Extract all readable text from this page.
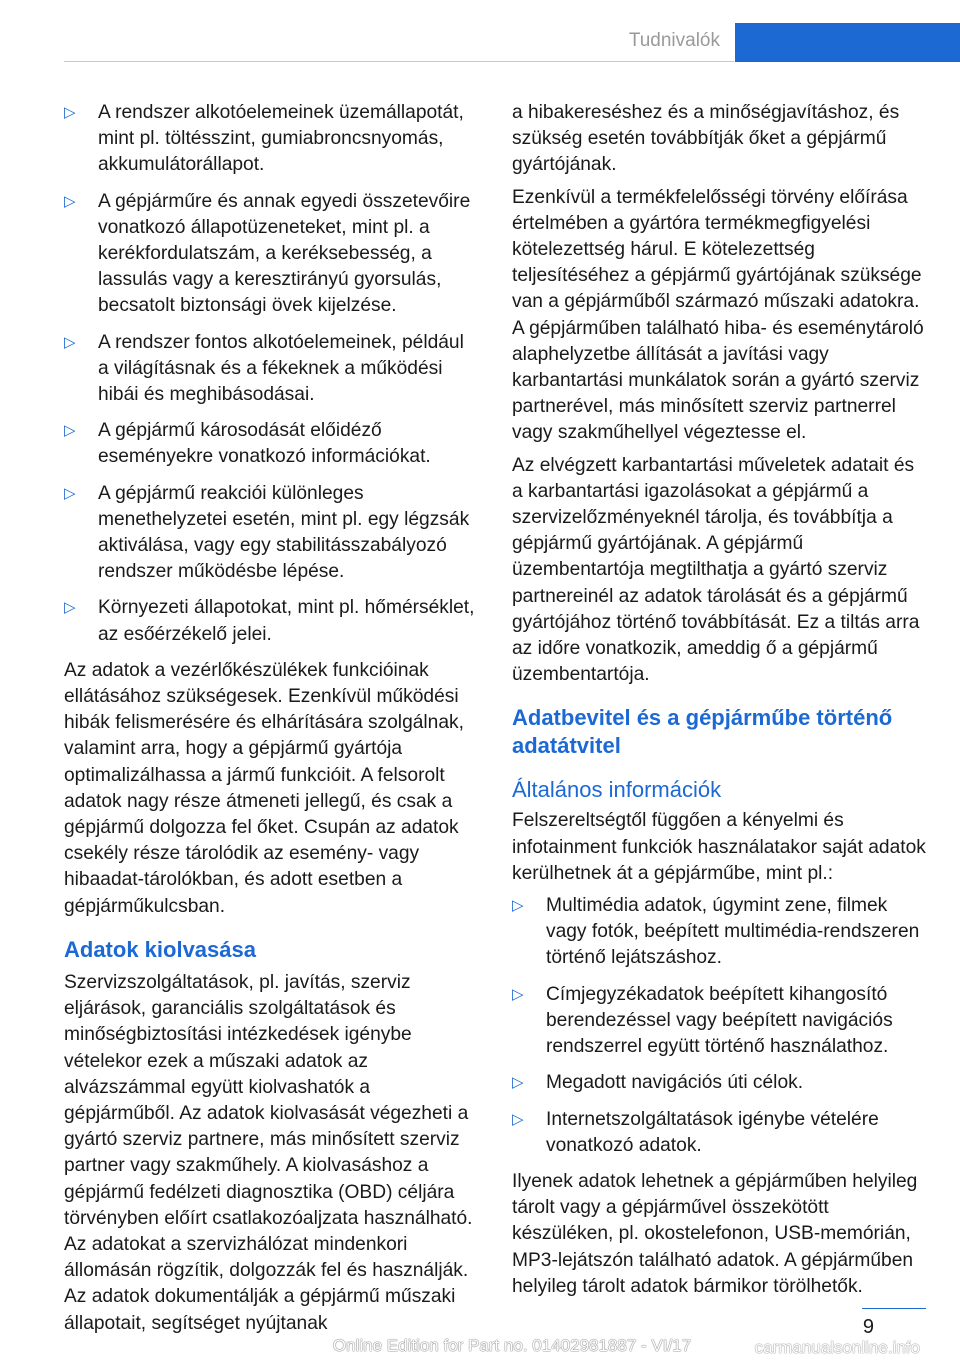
Tudnivalók
▷ A rendszer alkotóelemeinek üzemállapotát, mint pl. töltésszint, gumiabroncsnyomás, akkumulátorállapot.
▷ A gépjárműre és annak egyedi összetevőire vonatkozó állapotüzeneteket, mint pl. a kerékfordulatszám, a keréksebesség, a lassulás vagy a keresztirányú gyorsulás, becsatolt biztonsági övek kijelzése.
▷ A rendszer fontos alkotóelemeinek, például a világításnak és a fékeknek a működési hibái és meghibásodásai.
▷ A gépjármű károsodását előidéző eseményekre vonatkozó információkat.
▷ A gépjármű reakciói különleges menethelyzetei esetén, mint pl. egy légzsák aktiválása, vagy egy stabilitásszabályozó rendszer működésbe lépése.
▷ Környezeti állapotokat, mint pl. hőmérséklet, az esőérzékelő jelei.

Az adatok a vezérlőkészülékek funkcióinak ellátásához szükségesek. Ezenkívül működési hibák felismerésére és elhárítására szolgálnak, valamint arra, hogy a gépjármű gyártója optimalizálhassa a jármű funkcióit. A felsorolt adatok nagy része átmeneti jellegű, és csak a gépjármű dolgozza fel őket. Csupán az adatok csekély része tárolódik az esemény- vagy hibaadat-tárolókban, és adott esetben a gépjárműkulcsban.

Adatok kiolvasása

Szervizszolgáltatások, pl. javítás, szerviz eljárások, garanciális szolgáltatások és minőségbiztosítási intézkedések igénybe vételekor ezek a műszaki adatok az alvázszámmal együtt kiolvashatók a gépjárműből. Az adatok kiolvasását végezheti a gyártó szerviz partnere, más minősített szerviz partner vagy szakműhely. A kiolvasáshoz a gépjármű fedélzeti diagnosztika (OBD) céljára törvényben előírt csatlakozóaljzata használható. Az adatokat a szervizhálózat mindenkori állomásán rögzítik, dolgozzák fel és használják. Az adatok dokumentálják a gépjármű műszaki állapotait, segítséget nyújtanak

a hibakereséshez és a minőségjavításhoz, és szükség esetén továbbítják őket a gépjármű gyártójának.

Ezenkívül a termékfelelősségi törvény előírása értelmében a gyártóra termékmegfigyelési kötelezettség hárul. E kötelezettség teljesítéséhez a gépjármű gyártójának szüksége van a gépjárműből származó műszaki adatokra. A gépjárműben található hiba- és eseménytároló alaphelyzetbe állítását a javítási vagy karbantartási munkálatok során a gyártó szerviz partnerével, más minősített szerviz partnerrel vagy szakműhellyel végeztesse el.

Az elvégzett karbantartási műveletek adatait és a karbantartási igazolásokat a gépjármű a szervizelőzményeknél tárolja, és továbbítja a gépjármű gyártójának. A gépjármű üzembentartója megtilthatja a gyártó szerviz partnereinél az adatok tárolását és a gépjármű gyártójához történő továbbítását. Ez a tiltás arra az időre vonatkozik, ameddig ő a gépjármű üzembentartója.

Adatbevitel és a gépjárműbe történő adatátvitel
Általános információk

Felszereltségtől függően a kényelmi és infotainment funkciók használatakor saját adatok kerülhetnek át a gépjárműbe, mint pl.:

▷ Multimédia adatok, úgymint zene, filmek vagy fotók, beépített multimédia-rendszeren történő lejátszáshoz.
▷ Címjegyzékadatok beépített kihangosító berendezéssel vagy beépített navigációs rendszerrel együtt történő használathoz.
▷ Megadott navigációs úti célok.
▷ Internetszolgáltatások igénybe vételére vonatkozó adatok.

Ilyenek adatok lehetnek a gépjárműben helyileg tárolt vagy a gépjárművel összekötött készüléken, pl. okostelefonon, USB-memórián, MP3-lejátszón található adatok. A gépjárműben helyileg tárolt adatok bármikor törölhetők.

9
Online Edition for Part no. 01402981887 - VI/17	carmanualsonline.info
